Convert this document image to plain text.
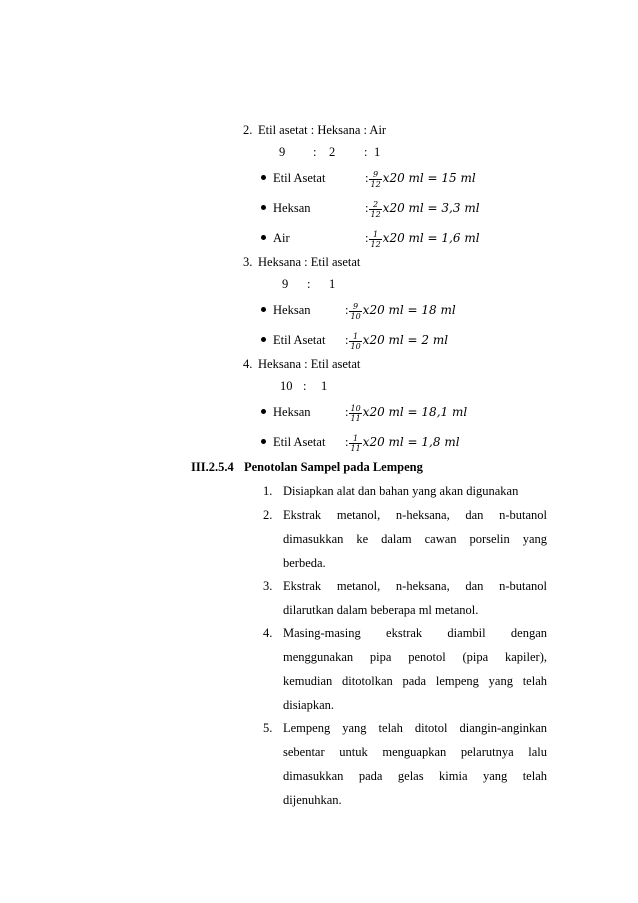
2. Etil asetat : Heksana : Air
9 : 2 : 1
Etil Asetat	: $\frac{9}{12} x20$ ml = 15 ml
Heksan	: $\frac{2}{12} x20$ ml = 3,3 ml
Air	: $\frac{1}{12} x20$ ml = 1,6 ml
3. Heksana : Etil asetat
9 : 1
Heksan	: $\frac{9}{10} x20$ ml = 18 ml
Etil Asetat : $\frac{1}{10} x20$ ml = 2 ml
4. Heksana : Etil asetat
10 : 1
Heksan	: $\frac{10}{11} x20$ ml = 18,1 ml
Etil Asetat : $\frac{1}{11} x20$ ml = 1,8 ml
III.2.5.4 Penotolan Sampel pada Lempeng
1. Disiapkan alat dan bahan yang akan digunakan
2. Ekstrak metanol, n-heksana, dan n-butanol
dimasukkan ke dalam cawan porselin yang
berbeda.
3. Ekstrak metanol, n-heksana, dan n-butanol
dilarutkan dalam beberapa ml metanol.
4. Masing-masing ekstrak diambil dengan
menggunakan pipa penotol (pipa kapiler),
kemudian ditotolkan pada lempeng yang telah
disiapkan.
5. Lempeng yang telah ditotol diangin-anginkan
sebentar untuk menguapkan pelarutnya lalu
dimasukkan pada gelas kimia yang telah
dijenuhkan.
